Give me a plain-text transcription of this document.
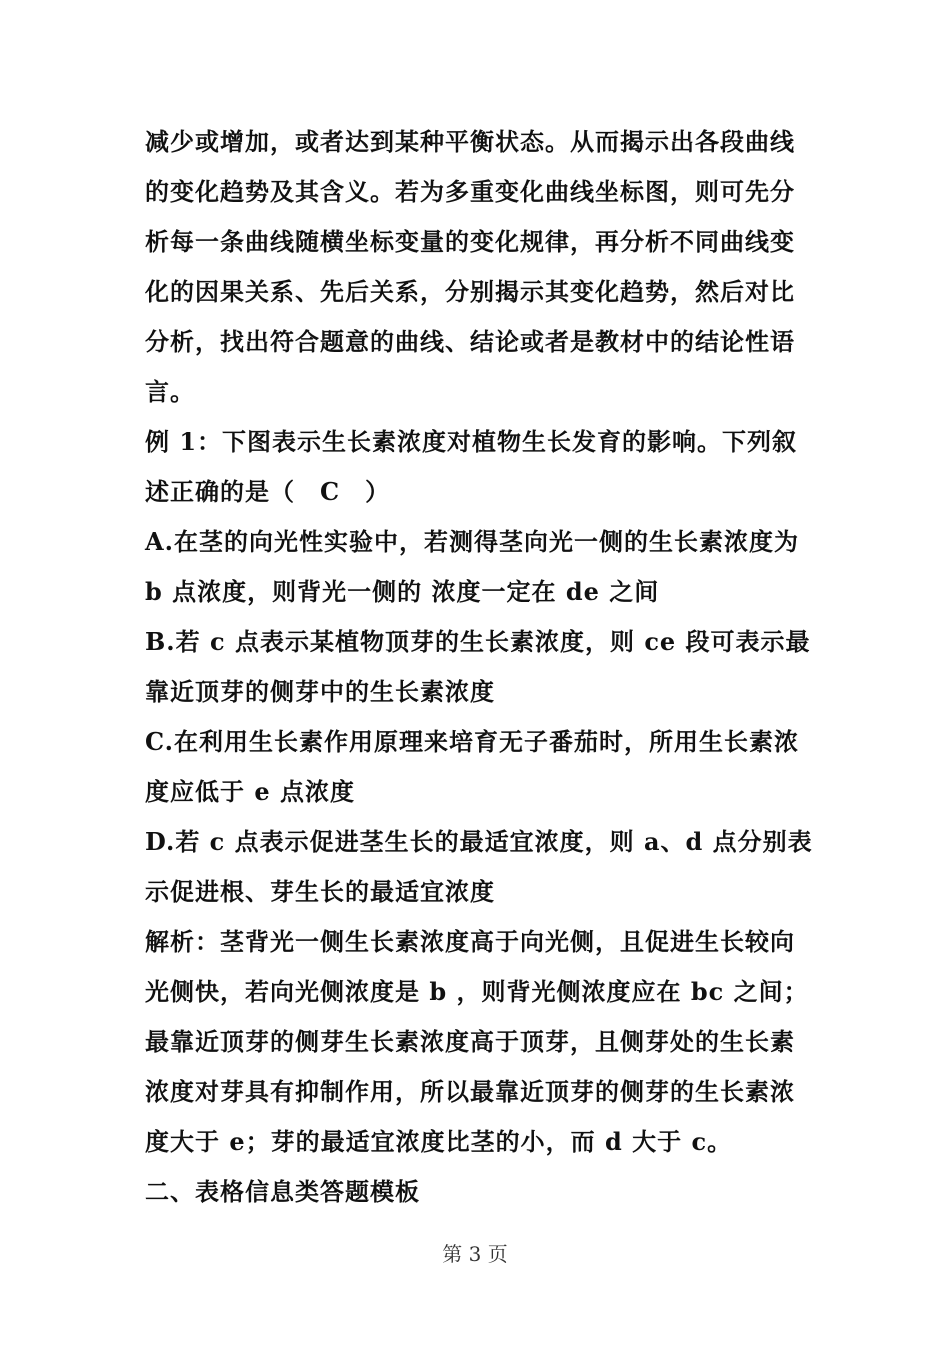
减少或增加，或者达到某种平衡状态。从而揭示出各段曲线
的变化趋势及其含义。若为多重变化曲线坐标图，则可先分
析每一条曲线随横坐标变量的变化规律，再分析不同曲线变
化的因果关系、先后关系，分别揭示其变化趋势，然后对比
分析，找出符合题意的曲线、结论或者是教材中的结论性语
言。
例 1：下图表示生长素浓度对植物生长发育的影响。下列叙
述正确的是（　C　）
A.在茎的向光性实验中，若测得茎向光一侧的生长素浓度为
b 点浓度，则背光一侧的 浓度一定在 de 之间
B.若 c 点表示某植物顶芽的生长素浓度，则 ce 段可表示最
靠近顶芽的侧芽中的生长素浓度
C.在利用生长素作用原理来培育无子番茄时，所用生长素浓
度应低于 e 点浓度
D.若 c 点表示促进茎生长的最适宜浓度，则 a、d 点分别表
示促进根、芽生长的最适宜浓度
解析：茎背光一侧生长素浓度高于向光侧，且促进生长较向
光侧快，若向光侧浓度是 b ，则背光侧浓度应在 bc 之间；
最靠近顶芽的侧芽生长素浓度高于顶芽，且侧芽处的生长素
浓度对芽具有抑制作用，所以最靠近顶芽的侧芽的生长素浓
度大于 e；芽的最适宜浓度比茎的小，而 d 大于 c。
二、表格信息类答题模板
第 3 页
